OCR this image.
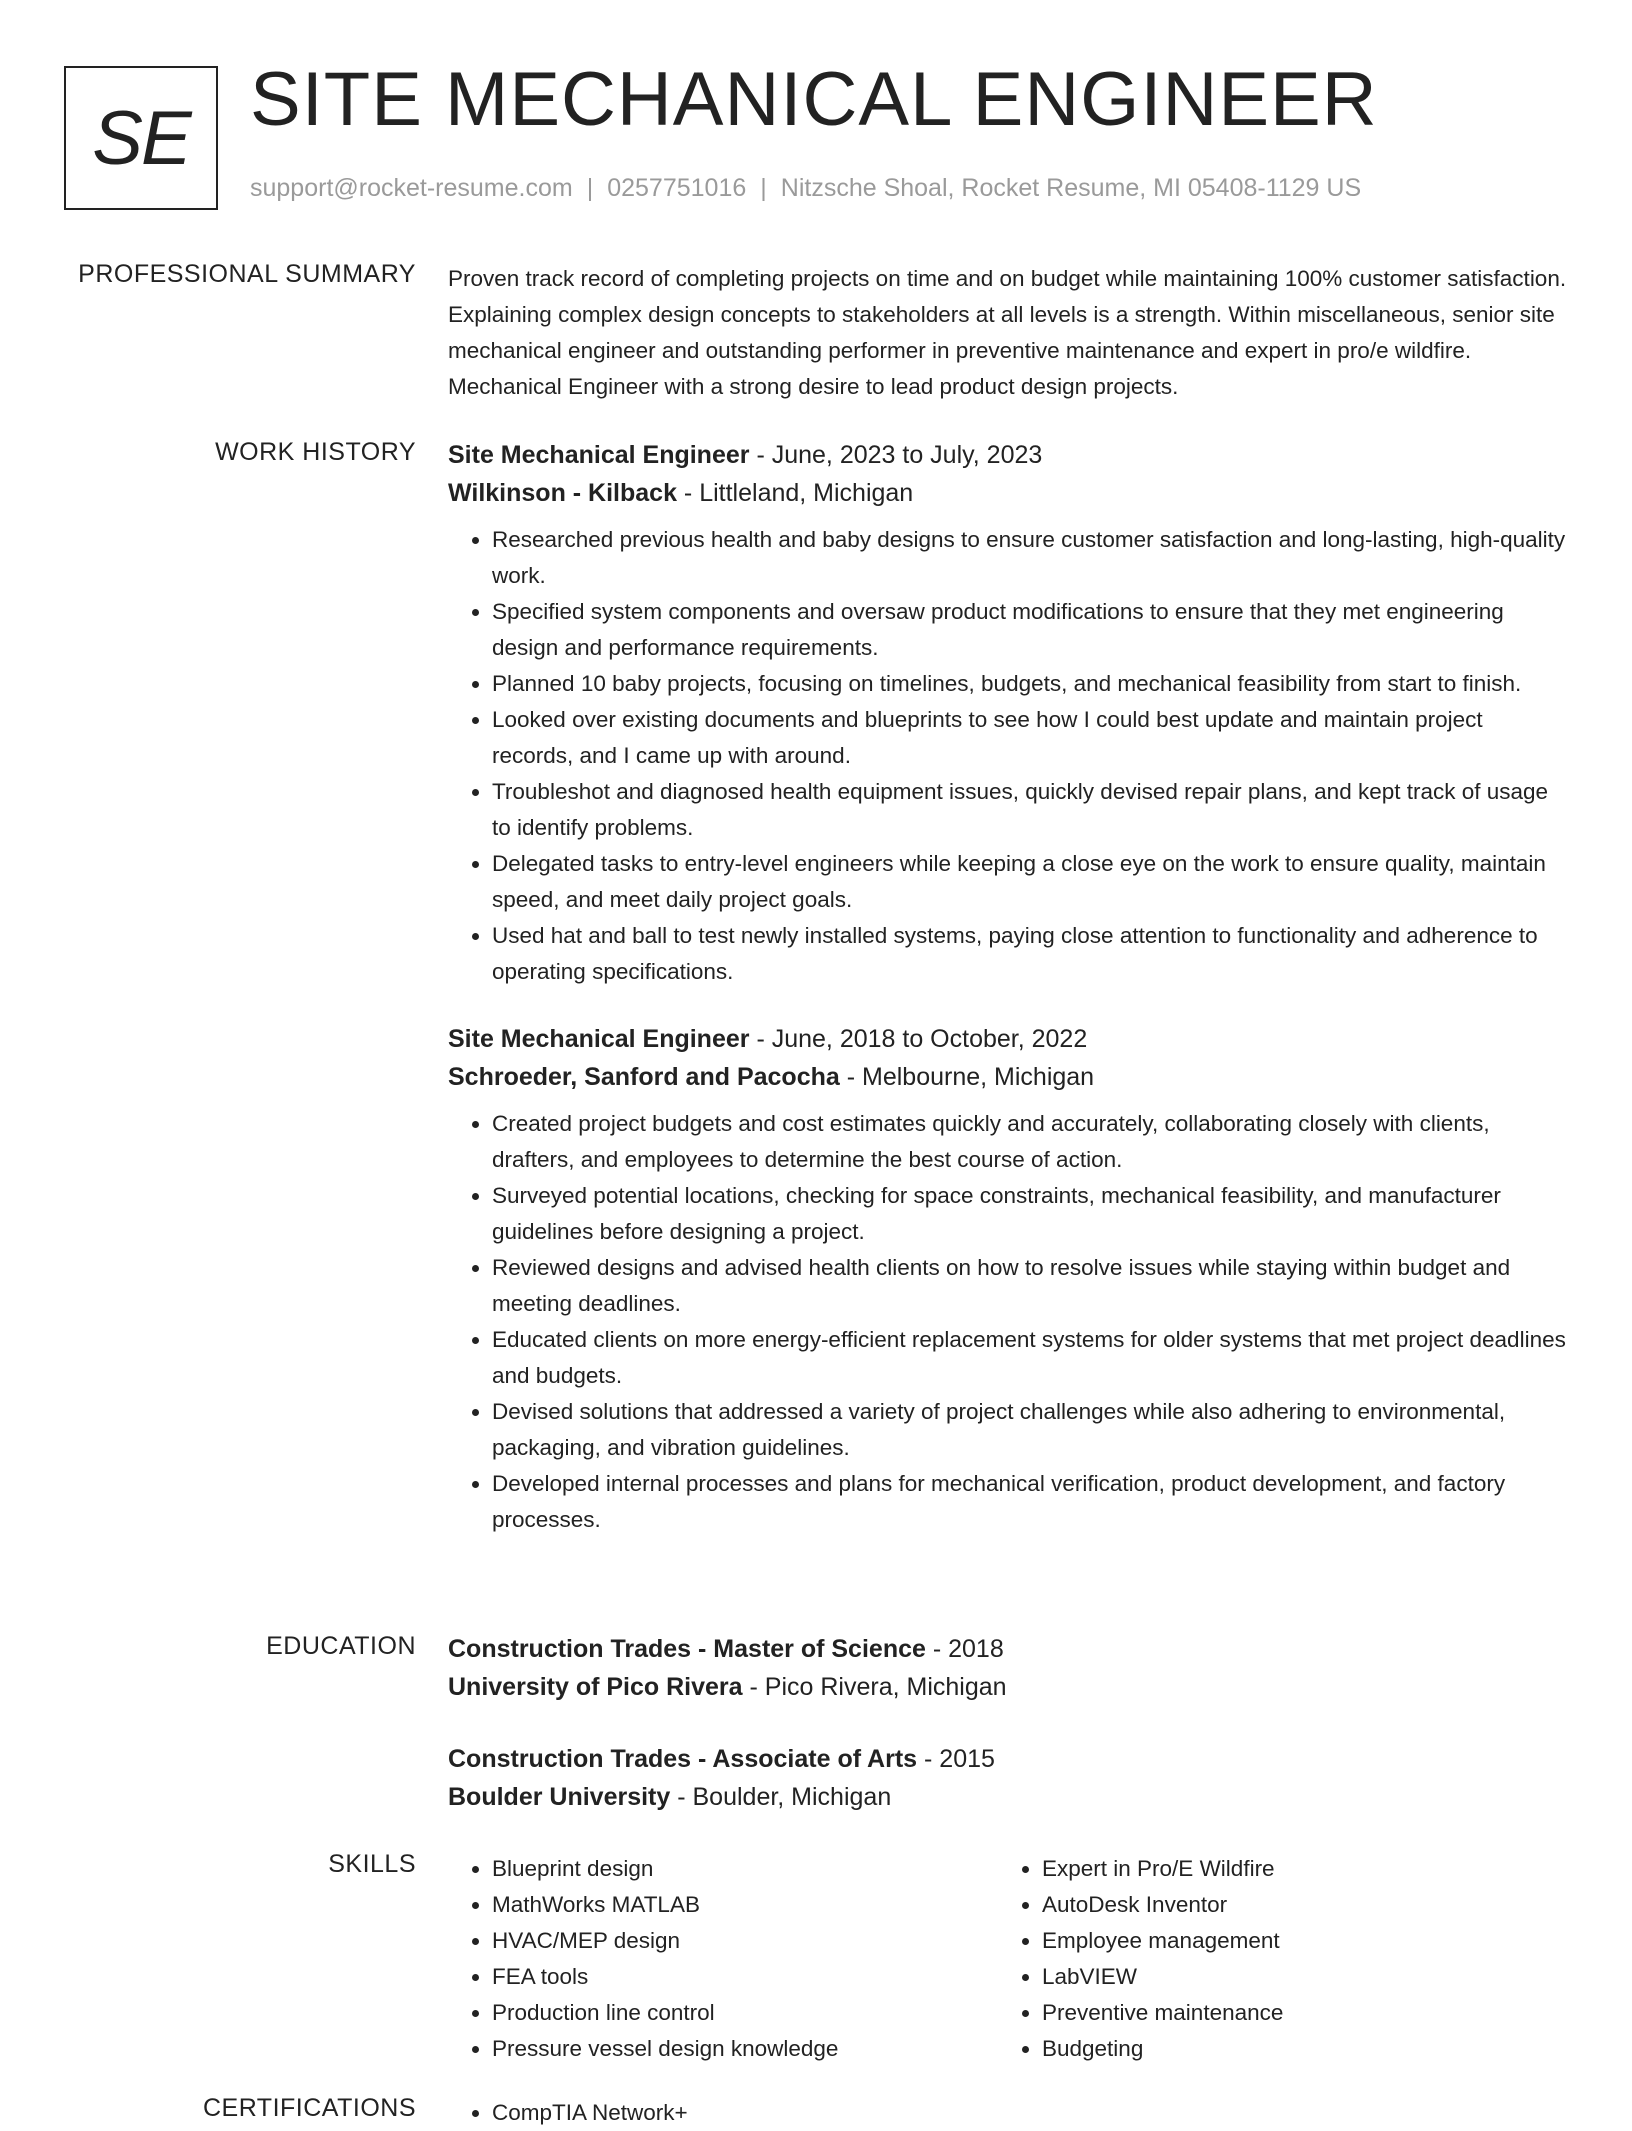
SE SITE MECHANICAL ENGINEER
support@rocket-resume.com | 0257751016 | Nitzsche Shoal, Rocket Resume, MI 05408-1129 US
PROFESSIONAL SUMMARY Proven track record of completing projects on time and on budget while maintaining 100% customer satisfaction. Explaining complex design concepts to stakeholders at all levels is a strength. Within miscellaneous, senior site mechanical engineer and outstanding performer in preventive maintenance and expert in pro/e wildfire. Mechanical Engineer with a strong desire to lead product design projects.

WORK HISTORY Site Mechanical Engineer - June, 2023 to July, 2023
Wilkinson - Kilback - Littleland, Michigan
• Researched previous health and baby designs to ensure customer satisfaction and long-lasting, high-quality work.
• Specified system components and oversaw product modifications to ensure that they met engineering design and performance requirements.
• Planned 10 baby projects, focusing on timelines, budgets, and mechanical feasibility from start to finish.
• Looked over existing documents and blueprints to see how I could best update and maintain project records, and I came up with around.
• Troubleshot and diagnosed health equipment issues, quickly devised repair plans, and kept track of usage to identify problems.
• Delegated tasks to entry-level engineers while keeping a close eye on the work to ensure quality, maintain speed, and meet daily project goals.
• Used hat and ball to test newly installed systems, paying close attention to functionality and adherence to operating specifications.
Site Mechanical Engineer - June, 2018 to October, 2022
Schroeder, Sanford and Pacocha - Melbourne, Michigan
• Created project budgets and cost estimates quickly and accurately, collaborating closely with clients, drafters, and employees to determine the best course of action.
• Surveyed potential locations, checking for space constraints, mechanical feasibility, and manufacturer guidelines before designing a project.
• Reviewed designs and advised health clients on how to resolve issues while staying within budget and meeting deadlines.
• Educated clients on more energy-efficient replacement systems for older systems that met project deadlines and budgets.
• Devised solutions that addressed a variety of project challenges while also adhering to environmental, packaging, and vibration guidelines.
• Developed internal processes and plans for mechanical verification, product development, and factory processes.
EDUCATION Construction Trades - Master of Science - 2018
University of Pico Rivera - Pico Rivera, Michigan
Construction Trades - Associate of Arts - 2015
Boulder University - Boulder, Michigan
SKILLS	• Blueprint design
• MathWorks MATLAB
• HVAC/MEP design
• FEA tools
• Production line control
• Pressure vessel design knowledge
• Expert in Pro/E Wildfire
• AutoDesk Inventor
• Employee management
• LabVIEW
• Preventive maintenance
• Budgeting
CERTIFICATIONS	• CompTIA Network+
